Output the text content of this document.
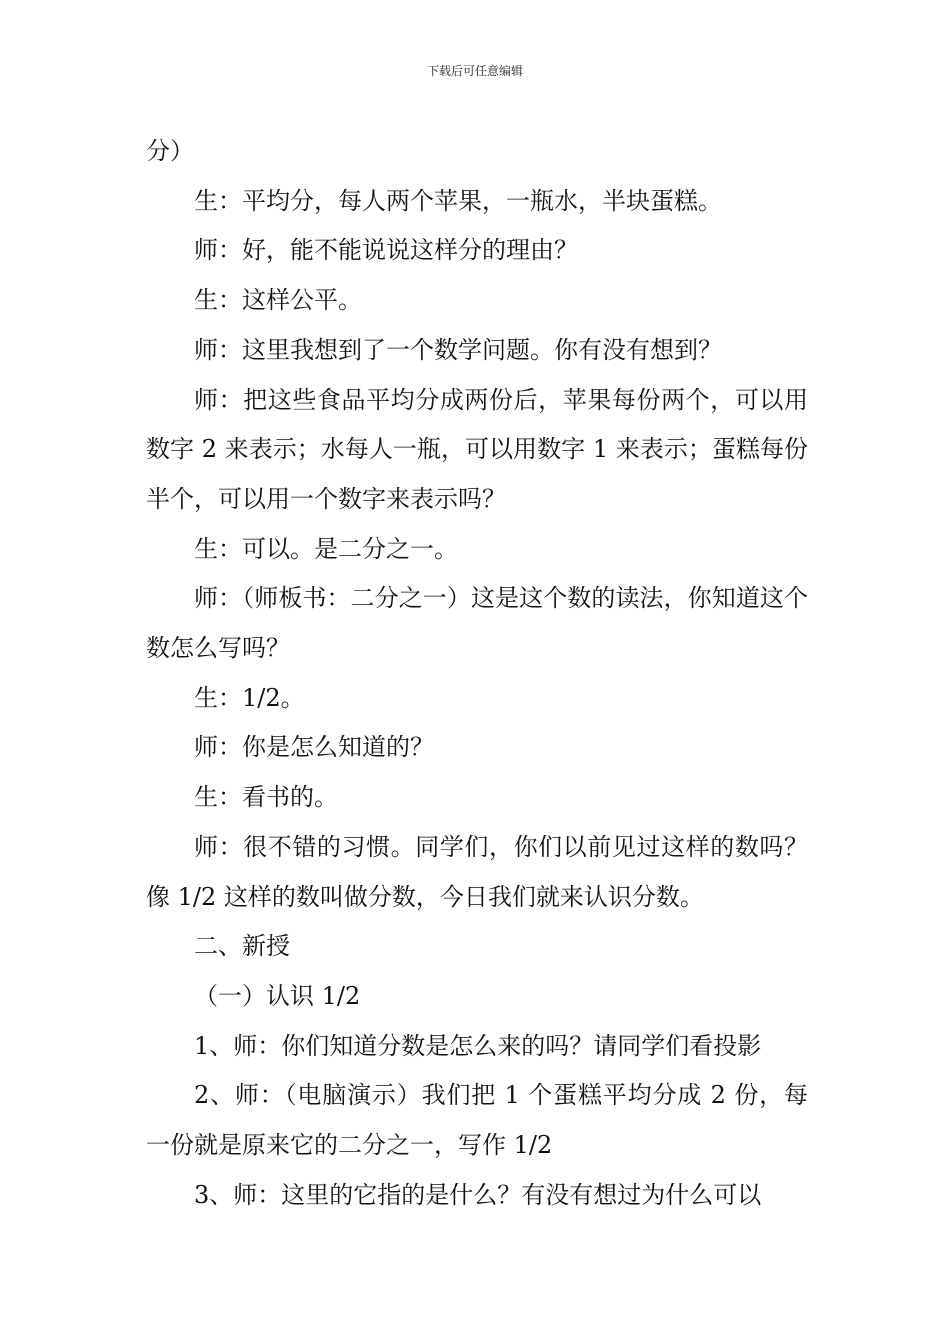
下载后可任意编辑

分）

生：平均分，每人两个苹果，一瓶水，半块蛋糕。

师：好，能不能说说这样分的理由？

生：这样公平。

师：这里我想到了一个数学问题。你有没有想到？

师：把这些食品平均分成两份后，苹果每份两个，可以用数字 2 来表示；水每人一瓶，可以用数字 1 来表示；蛋糕每份半个，可以用一个数字来表示吗？

生：可以。是二分之一。

师：（师板书：二分之一）这是这个数的读法，你知道这个数怎么写吗？

生：1/2。

师：你是怎么知道的？

生：看书的。

师：很不错的习惯。同学们，你们以前见过这样的数吗？像 1/2 这样的数叫做分数，今日我们就来认识分数。

二、新授

（一）认识 1/2

1、师：你们知道分数是怎么来的吗？请同学们看投影

2、师：（电脑演示）我们把 1 个蛋糕平均分成 2 份，每一份就是原来它的二分之一，写作 1/2

3、师：这里的它指的是什么？有没有想过为什么可以
